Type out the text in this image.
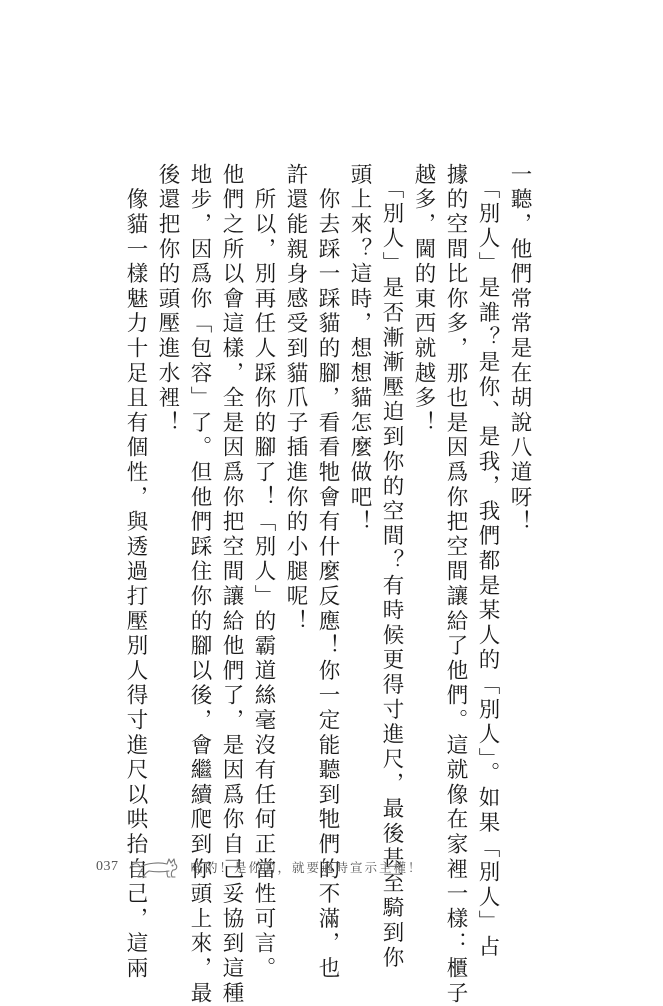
一聽，他們常常是在胡說八道呀！
　「別人」是誰？是你、是我，我們都是某人的「別人」。如果「別人」占
據的空間比你多，那也是因爲你把空間讓給了他們。這就像在家裡一樣：櫃子
越多，閫的東西就越多！
　「別人」是否漸漸壓迫到你的空間？有時候更得寸進尺，最後甚至騎到你
頭上來？這時，想想貓怎麼做吧！
　你去踩一踩貓的腳，看看牠會有什麼反應！你一定能聽到牠們的不滿，也
許還能親身感受到貓爪子插進你的小腿呢！
　所以，別再任人踩你的腳了！「別人」的霸道絲毫沒有任何正當性可言。
他們之所以會這樣，全是因爲你把空間讓給他們了，是因爲你自己妥協到這種
地步，因爲你「包容」了。但他們踩住你的腳以後，會繼續爬到你頭上來，最
後還把你的頭壓進水裡！
　像貓一樣魅力十足且有個性，與透過打壓別人得寸進尺以哄抬自己，這兩
037	喵的！是你的，就要適時宣示主權！
